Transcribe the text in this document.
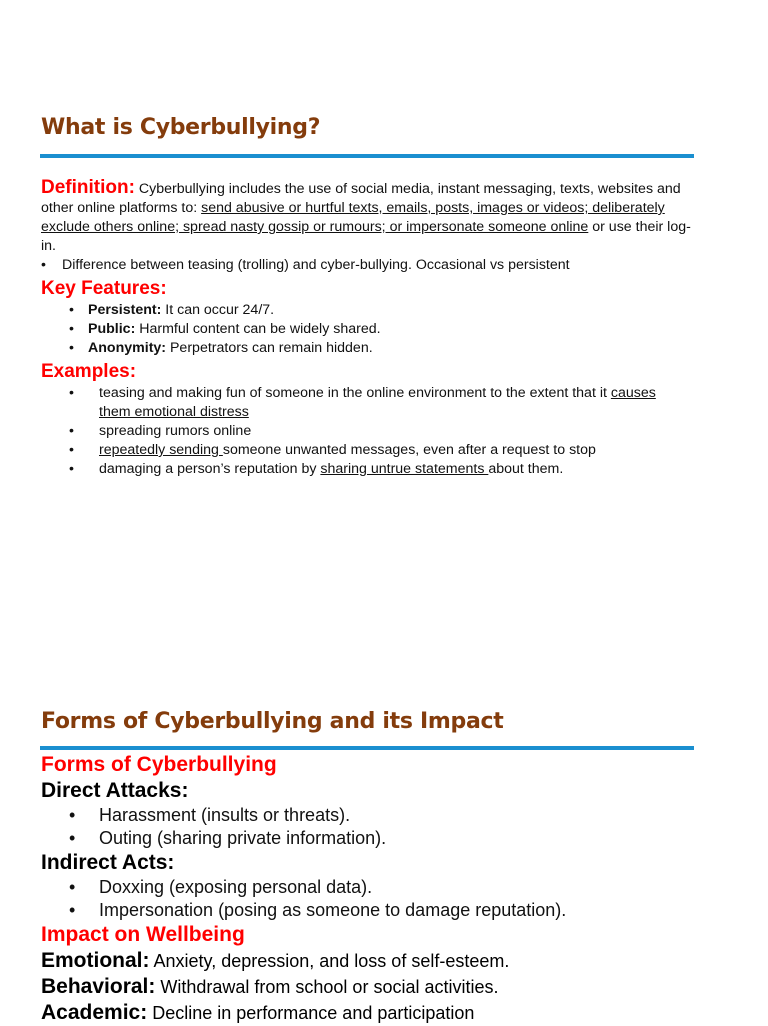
What is Cyberbullying?
Definition: Cyberbullying includes the use of social media, instant messaging, texts, websites and other online platforms to: send abusive or hurtful texts, emails, posts, images or videos; deliberately exclude others online; spread nasty gossip or rumours; or impersonate someone online or use their log-in.
•	Difference between teasing (trolling) and cyber-bullying. Occasional vs persistent
Key Features:
• Persistent: It can occur 24/7.
• Public: Harmful content can be widely shared.
• Anonymity: Perpetrators can remain hidden.
Examples:
•	teasing and making fun of someone in the online environment to the extent that it causes them emotional distress
•	spreading rumors online
•	repeatedly sending someone unwanted messages, even after a request to stop
•	damaging a person’s reputation by sharing untrue statements about them.
Forms of Cyberbullying and its Impact
Forms of Cyberbullying
Direct Attacks:
•	Harassment (insults or threats).
•	Outing (sharing private information).
Indirect Acts:
•	Doxxing (exposing personal data).
•	Impersonation (posing as someone to damage reputation).
Impact on Wellbeing
Emotional: Anxiety, depression, and loss of self-esteem.
Behavioral: Withdrawal from school or social activities.
Academic: Decline in performance and participation
